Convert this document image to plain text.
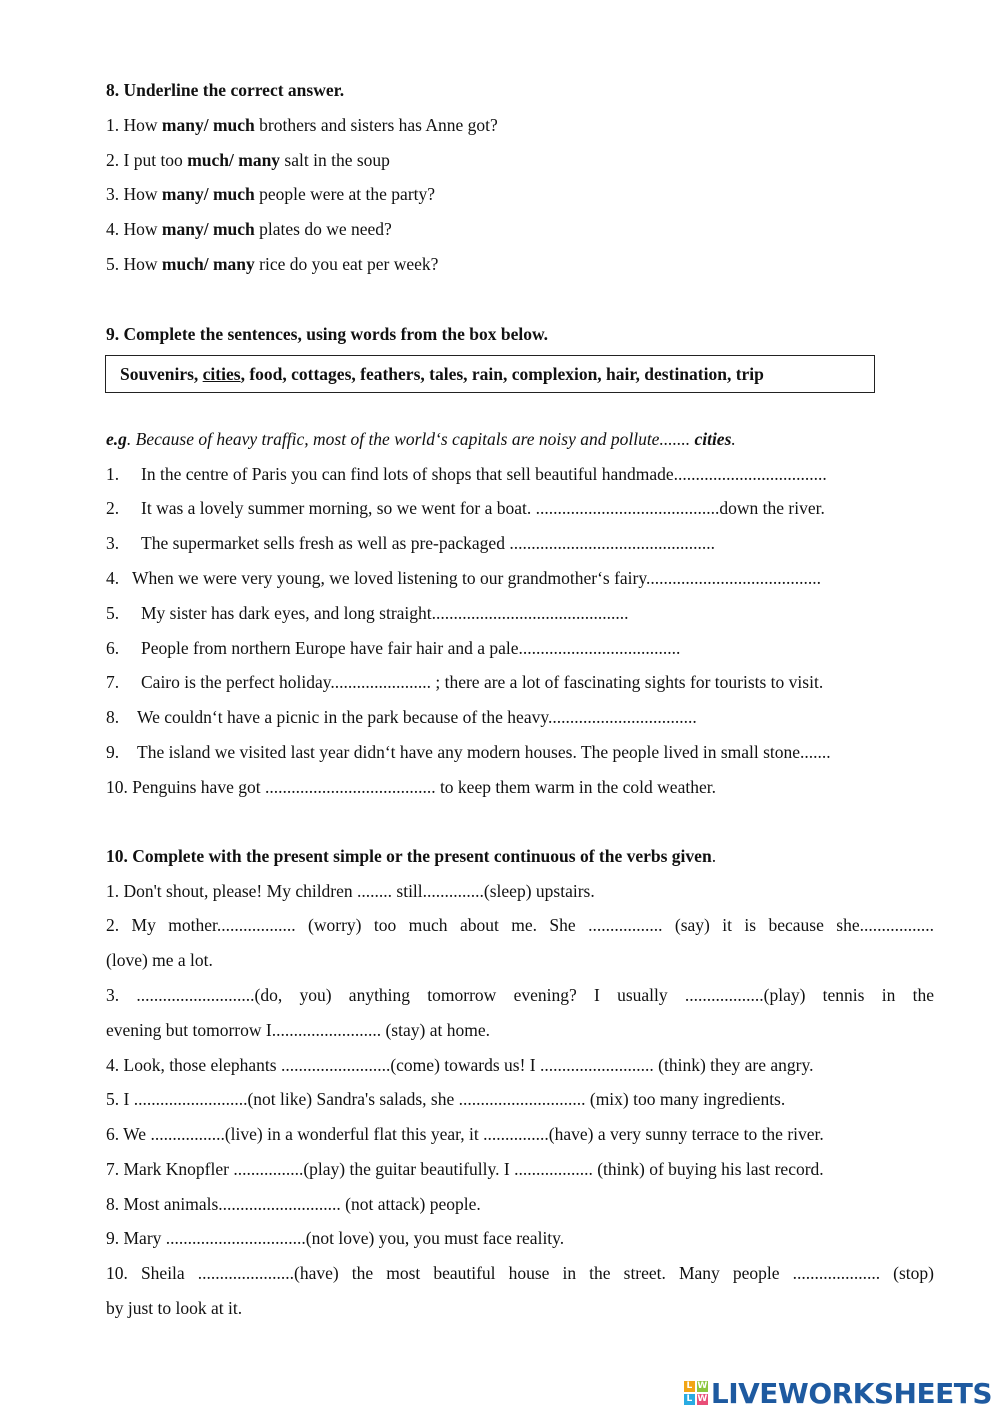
8. Underline the correct answer.
1. How many/ much brothers and sisters has Anne got?
2. I put too much/ many salt in the soup
3. How many/ much people were at the party?
4. How many/ much plates do we need?
5. How much/ many rice do you eat per week?
9. Complete the sentences, using words from the box below.
Souvenirs, cities, food, cottages, feathers, tales, rain, complexion, hair, destination, trip
e.g. Because of heavy traffic, most of the world‘s capitals are noisy and pollute....... cities.
1. In the centre of Paris you can find lots of shops that sell beautiful handmade...................................
2. It was a lovely summer morning, so we went for a boat. ..........................................down the river.
3. The supermarket sells fresh as well as pre-packaged ...............................................
4. When we were very young, we loved listening to our grandmother‘s fairy........................................
5. My sister has dark eyes, and long straight.............................................
6. People from northern Europe have fair hair and a pale.....................................
7. Cairo is the perfect holiday....................... ; there are a lot of fascinating sights for tourists to visit.
8. We couldn‘t have a picnic in the park because of the heavy..................................
9. The island we visited last year didn‘t have any modern houses. The people lived in small stone.......
10. Penguins have got ....................................... to keep them warm in the cold weather.
10. Complete with the present simple or the present continuous of the verbs given.
1. Don't shout, please! My children ........ still..............(sleep) upstairs.
2. My mother.................. (worry) too much about me. She ................. (say) it is because she.................
(love) me a lot.
3. ...........................(do, you) anything tomorrow evening? I usually ..................(play) tennis in the
evening but tomorrow I......................... (stay) at home.
4. Look, those elephants .........................(come) towards us! I .......................... (think) they are angry.
5. I ..........................(not like) Sandra's salads, she ............................. (mix) too many ingredients.
6. We .................(live) in a wonderful flat this year, it ...............(have) a very sunny terrace to the river.
7. Mark Knopfler ................(play) the guitar beautifully. I .................. (think) of buying his last record.
8. Most animals............................ (not attack) people.
9. Mary ................................(not love) you, you must face reality.
10. Sheila ......................(have) the most beautiful house in the street. Many people .................... (stop)
by just to look at it.
L W
L W LIVEWORKSHEETS
